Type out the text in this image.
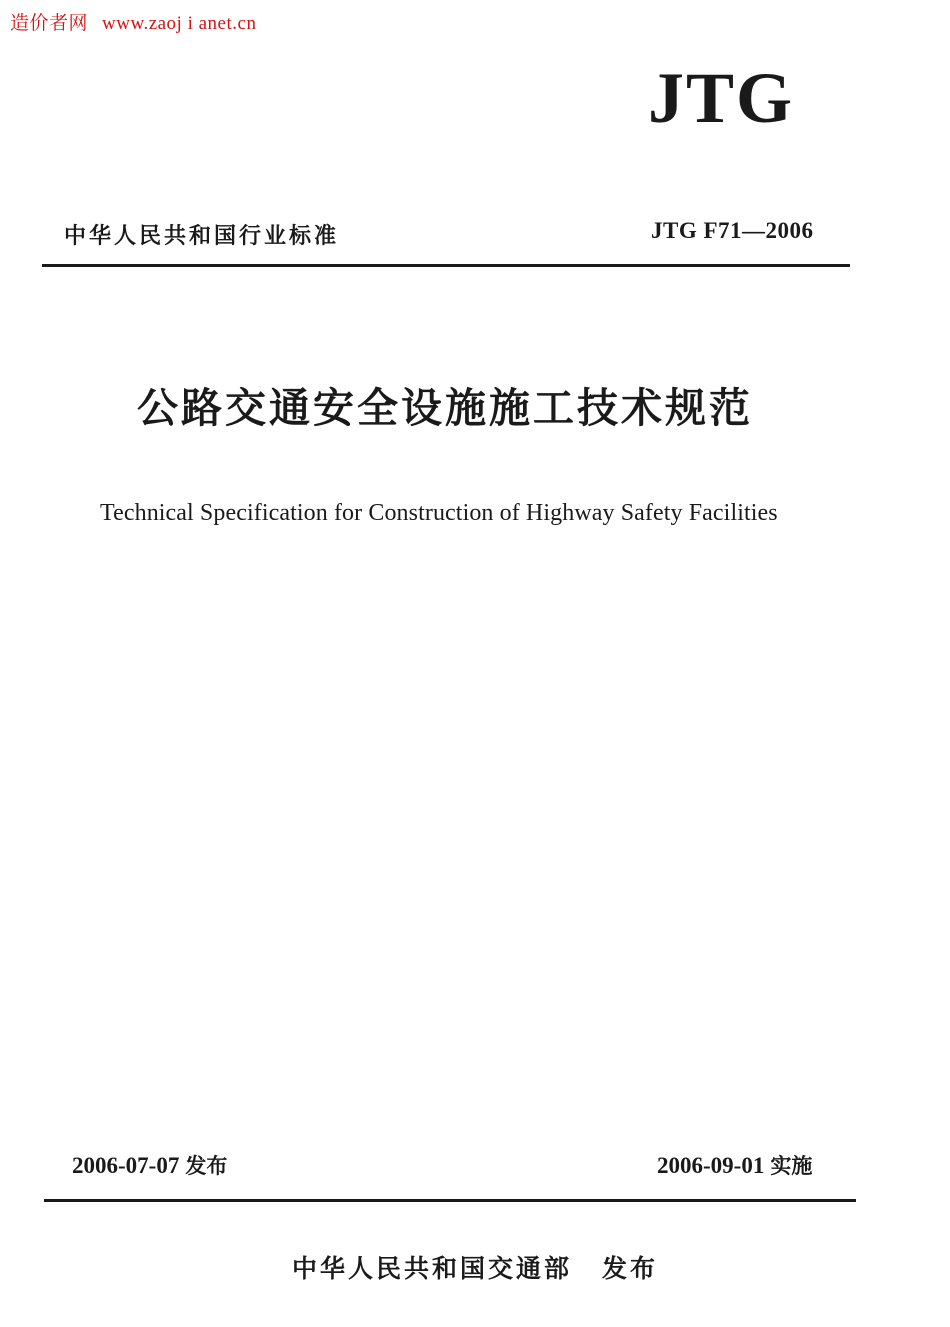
造价者网 www.zaoj i anet.cn
JTG
中华人民共和国行业标准	JTG F71—2006
公路交通安全设施施工技术规范
Technical Specification for Construction of Highway Safety Facilities
2006-07-07 发布	2006-09-01 实施
中华人民共和国交通部 发布
